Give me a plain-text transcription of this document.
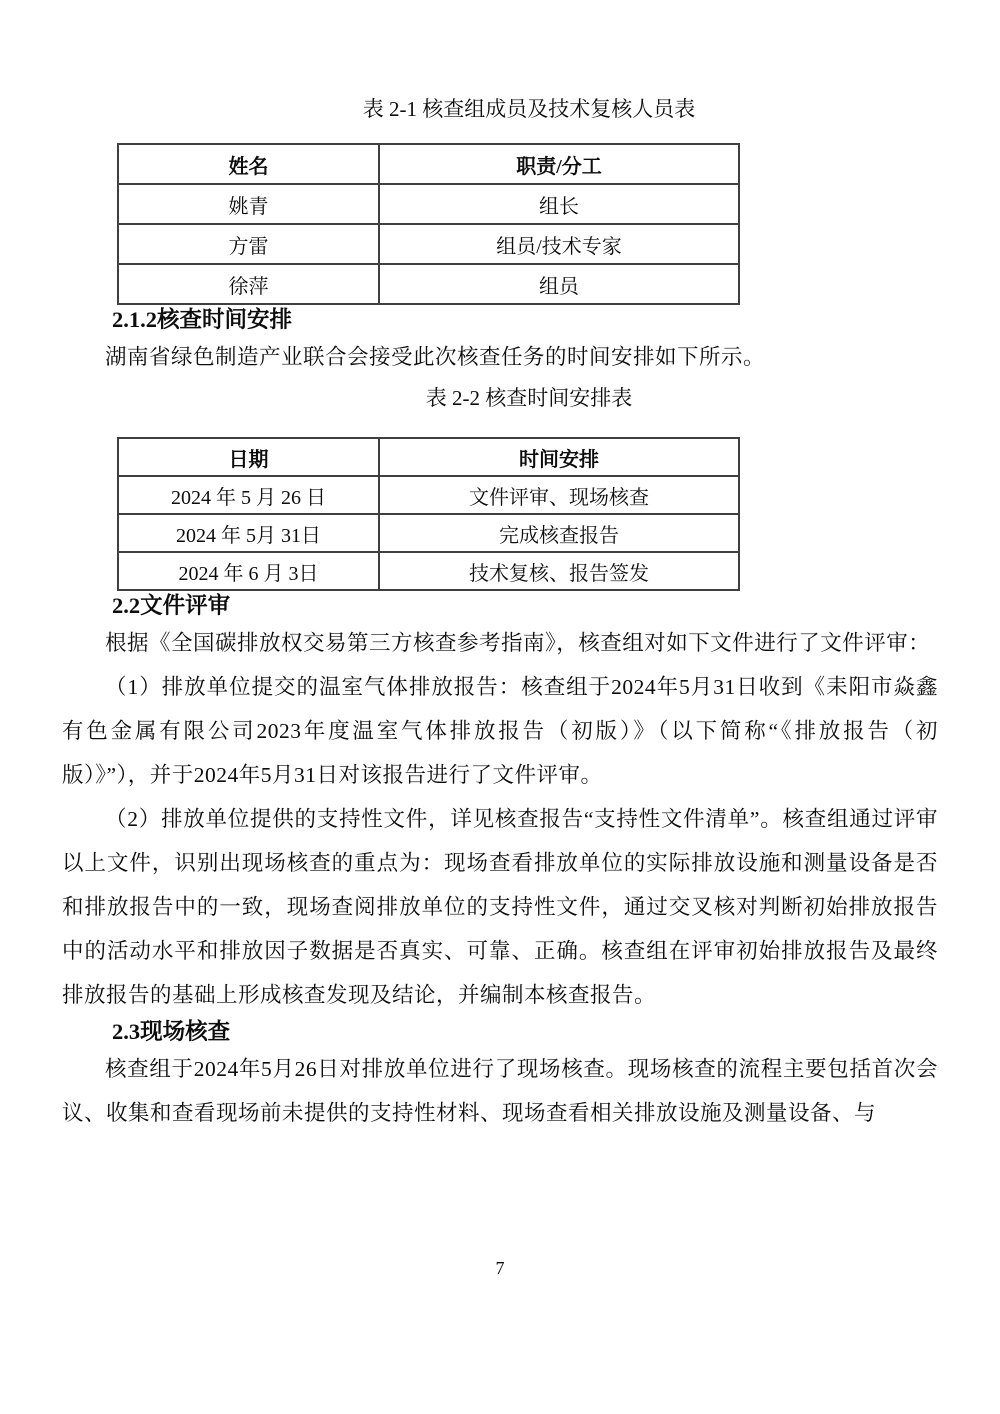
表 2-1 核查组成员及技术复核人员表
姓名	职责/分工
姚青	组长
方雷	组员/技术专家
徐萍	组员
2.1.2核查时间安排

湖南省绿色制造产业联合会接受此次核查任务的时间安排如下所示。

表 2-2 核查时间安排表
日期	时间安排
2024 年 5 月 26 日	文件评审、现场核查
2024 年 5月 31日	完成核查报告
2024 年 6 月 3日	技术复核、报告签发
2.2文件评审

根据《全国碳排放权交易第三方核查参考指南》，核查组对如下文件进行了文件评审：

（1）排放单位提交的温室气体排放报告：核查组于2024年5月31日收到《耒阳市焱鑫有色金属有限公司2023年度温室气体排放报告（初版）》（以下简称“《排放报告（初版）》”），并于2024年5月31日对该报告进行了文件评审。

（2）排放单位提供的支持性文件，详见核查报告“支持性文件清单”。核查组通过评审以上文件，识别出现场核查的重点为：现场查看排放单位的实际排放设施和测量设备是否和排放报告中的一致，现场查阅排放单位的支持性文件，通过交叉核对判断初始排放报告中的活动水平和排放因子数据是否真实、可靠、正确。核查组在评审初始排放报告及最终排放报告的基础上形成核查发现及结论，并编制本核查报告。

2.3现场核查

核查组于2024年5月26日对排放单位进行了现场核查。现场核查的流程主要包括首次会议、收集和查看现场前未提供的支持性材料、现场查看相关排放设施及测量设备、与

7
